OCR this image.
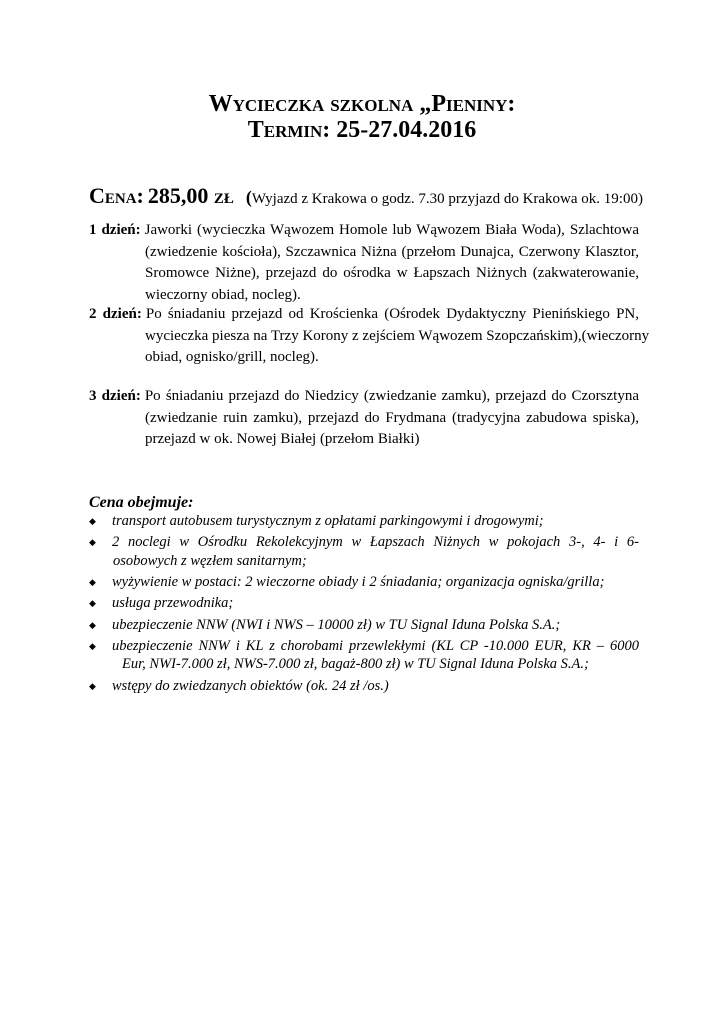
Wycieczka szkolna „Pieniny:
Termin: 25-27.04.2016
Cena: 285,00 zł (Wyjazd z Krakowa o godz. 7.30 przyjazd do Krakowa ok. 19:00)
1 dzień: Jaworki (wycieczka Wąwozem Homole lub Wąwozem Biała Woda), Szlachtowa
(zwiedzenie kościoła), Szczawnica Niżna (przełom Dunajca, Czerwony Klasztor,
Sromowce Niżne), przejazd do ośrodka w Łapszach Niżnych (zakwaterowanie,
wieczorny obiad, nocleg).
2 dzień: Po śniadaniu przejazd od Krościenka (Ośrodek Dydaktyczny Pienińskiego PN,
wycieczka piesza na Trzy Korony z zejściem Wąwozem Szopczańskim),(wieczorny
obiad, ognisko/grill, nocleg).
3 dzień: Po śniadaniu przejazd do Niedzicy (zwiedzanie zamku), przejazd do Czorsztyna
(zwiedzanie ruin zamku), przejazd do Frydmana (tradycyjna zabudowa spiska),
przejazd w ok. Nowej Białej (przełom Białki)
Cena obejmuje:
◆ transport autobusem turystycznym z opłatami parkingowymi i drogowymi;
◆ 2 noclegi w Ośrodku Rekolekcyjnym w Łapszach Niżnych w pokojach 3-, 4- i 6-
osobowych z węzłem sanitarnym;
◆ wyżywienie w postaci: 2 wieczorne obiady i 2 śniadania; organizacja ogniska/grilla;
◆ usługa przewodnika;
◆ ubezpieczenie NNW (NWI i NWS – 10000 zł) w TU Signal Iduna Polska S.A.;
◆ ubezpieczenie NNW i KL z chorobami przewlekłymi (KL CP -10.000 EUR, KR – 6000
Eur, NWI-7.000 zł, NWS-7.000 zł, bagaż-800 zł) w TU Signal Iduna Polska S.A.;
◆ wstępy do zwiedzanych obiektów (ok. 24 zł /os.)
